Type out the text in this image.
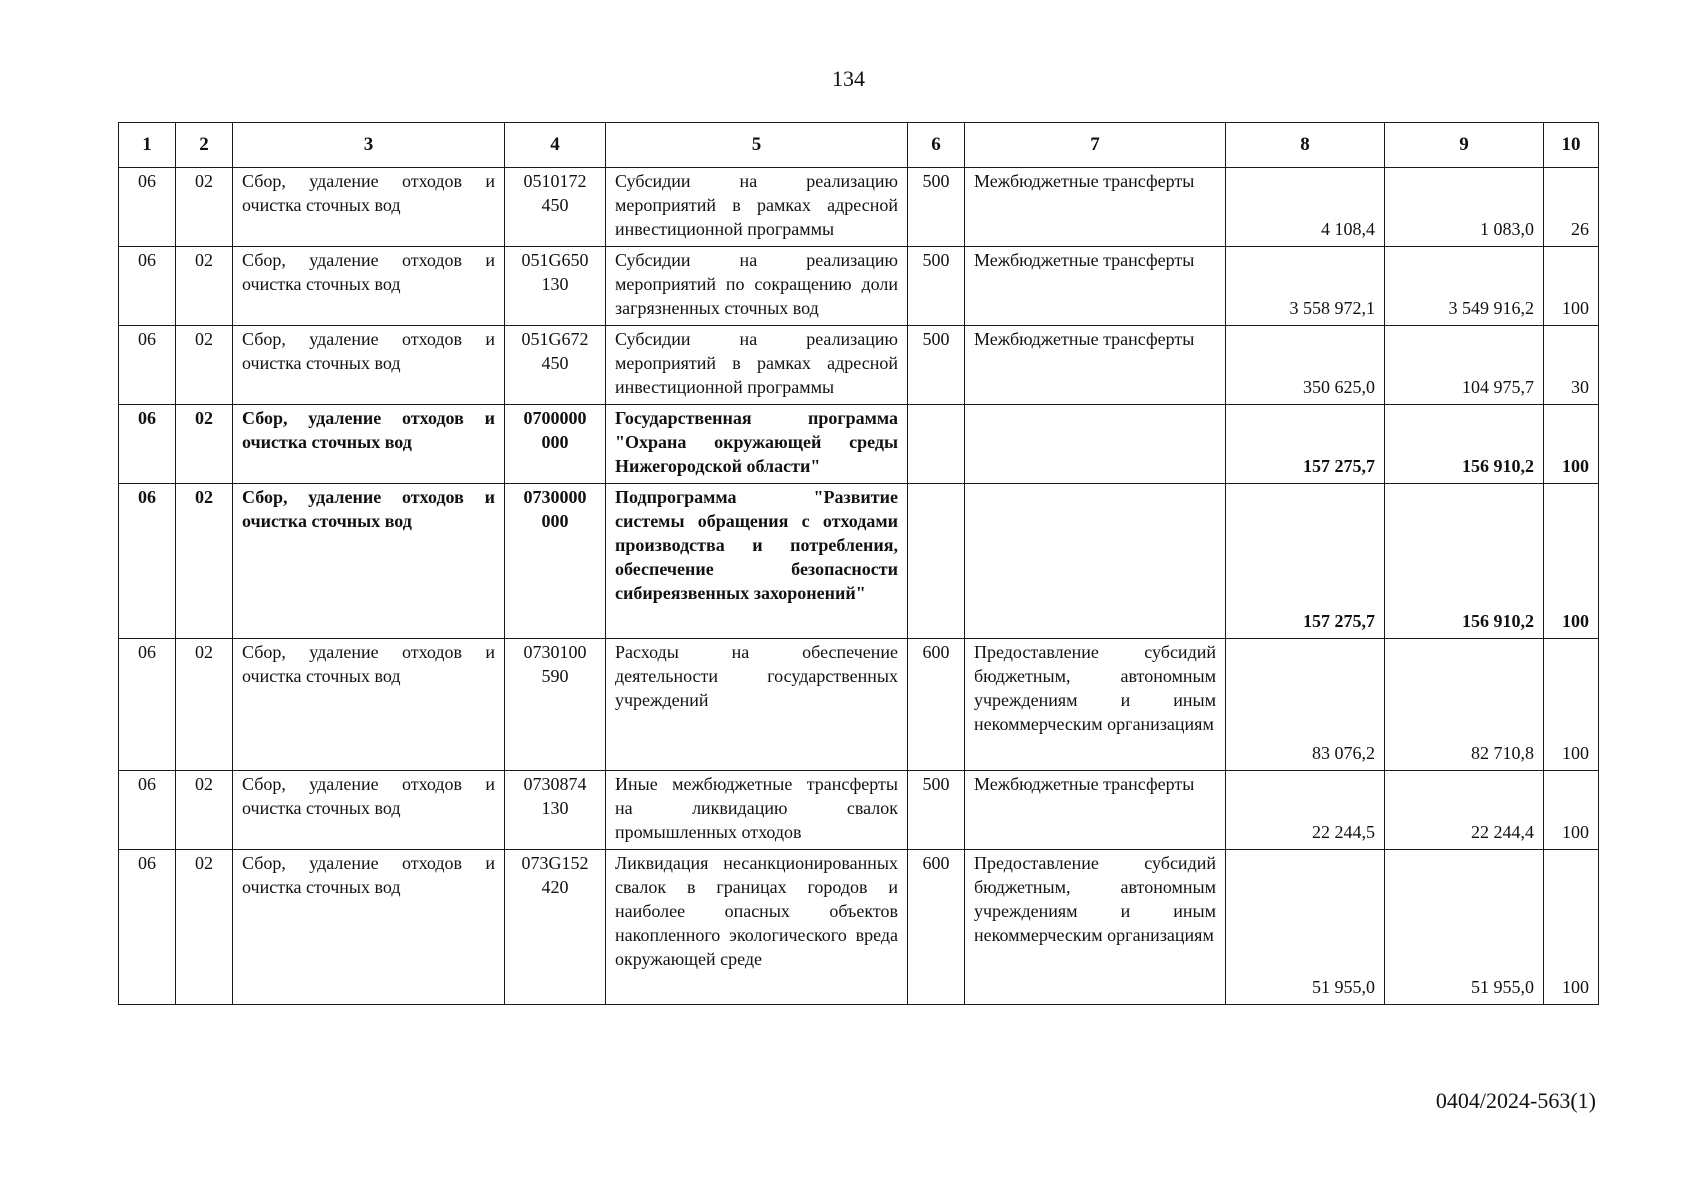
134
1	2	3	4	5	6	7	8	9	10
06	02	Сбор, удаление отходов и очистка сточных вод	0510172 450	Субсидии на реализацию мероприятий в рамках адресной инвестиционной программы	500	Межбюджетные трансферты	4 108,4	1 083,0	26
06	02	Сбор, удаление отходов и очистка сточных вод	051G650 130	Субсидии на реализацию мероприятий по сокращению доли загрязненных сточных вод	500	Межбюджетные трансферты	3 558 972,1	3 549 916,2	100
06	02	Сбор, удаление отходов и очистка сточных вод	051G672 450	Субсидии на реализацию мероприятий в рамках адресной инвестиционной программы	500	Межбюджетные трансферты	350 625,0	104 975,7	30
06	02	Сбор, удаление отходов и очистка сточных вод	0700000 000	Государственная программа "Охрана окружающей среды Нижегородской области"			157 275,7	156 910,2	100
06	02	Сбор, удаление отходов и очистка сточных вод	0730000 000	Подпрограмма "Развитие системы обращения с отходами производства и потребления, обеспечение безопасности сибиреязвенных захоронений"			157 275,7	156 910,2	100
06	02	Сбор, удаление отходов и очистка сточных вод	0730100 590	Расходы на обеспечение деятельности государственных учреждений	600	Предоставление субсидий бюджетным, автономным учреждениям и иным некоммерческим организациям	83 076,2	82 710,8	100
06	02	Сбор, удаление отходов и очистка сточных вод	0730874 130	Иные межбюджетные трансферты на ликвидацию свалок промышленных отходов	500	Межбюджетные трансферты	22 244,5	22 244,4	100
06	02	Сбор, удаление отходов и очистка сточных вод	073G152 420	Ликвидация несанкционированных свалок в границах городов и наиболее опасных объектов накопленного экологического вреда окружающей среде	600	Предоставление субсидий бюджетным, автономным учреждениям и иным некоммерческим организациям	51 955,0	51 955,0	100
0404/2024-563(1)
